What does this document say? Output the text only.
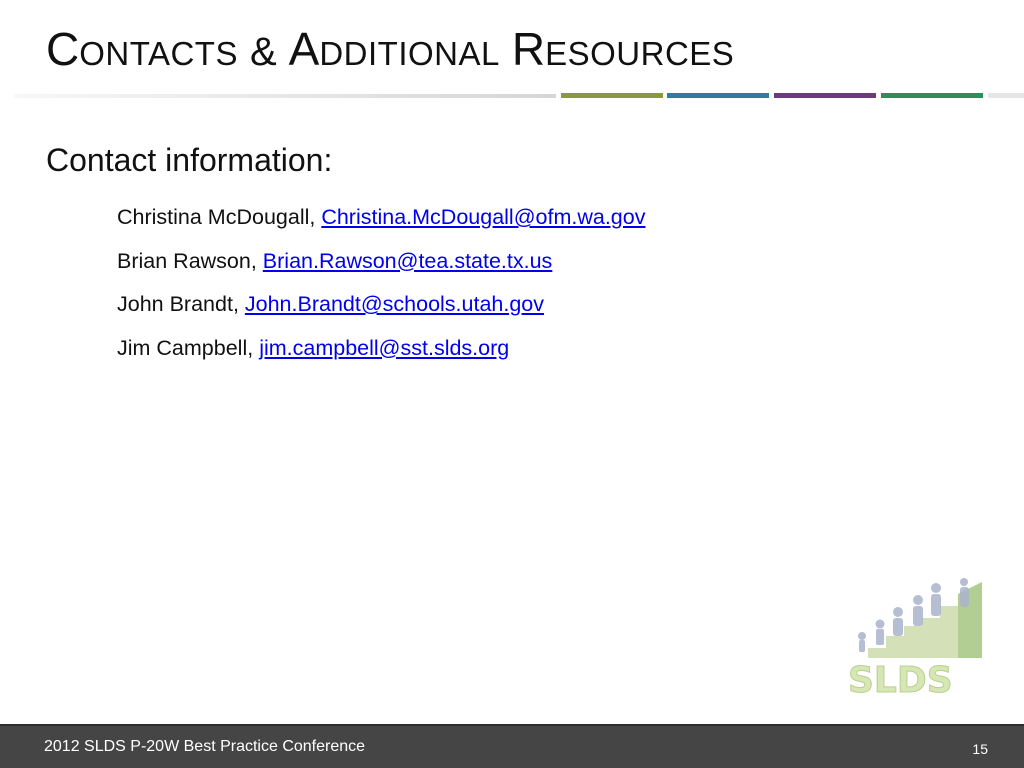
C ONTACTS & A DDITIONAL R ESOURCES
Contact information:
Christina McDougall, Christina.McDougall@ofm.wa.gov
Brian Rawson, Brian.Rawson@tea.state.tx.us
John Brandt, John.Brandt@schools.utah.gov
Jim Campbell, jim.campbell@sst.slds.org
SLDS
2012 SLDS P-20W Best Practice Conference	15
